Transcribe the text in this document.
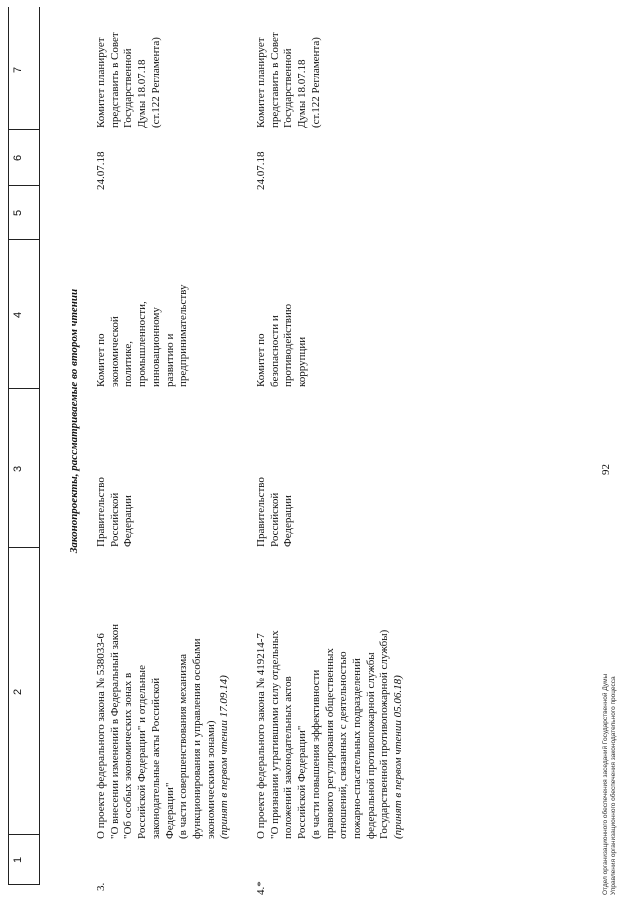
1
2
3
4
5
6
7
Законопроекты, рассматриваемые во втором чтении
3.
О проекте федерального закона № 538033-6 "О внесении изменений в Федеральный закон "Об особых экономических зонах в Российской Федерации" и отдельные законодательные акты Российской Федерации" (в части совершенствования механизма функционирования и управления особыми экономическими зонами) (принят в первом чтении 17.09.14)
Правительство Российской Федерации
Комитет по экономической политике, промышленности, инновационному развитию и предпринимательству
24.07.18
Комитет планирует представить в Совет Государственной Думы 18.07.18 (ст.122 Регламента)
4.*
О проекте федерального закона № 419214-7 "О признании утратившими силу отдельных положений законодательных актов Российской Федерации" (в части повышения эффективности правового регулирования общественных отношений, связанных с деятельностью пожарно-спасательных подразделений федеральной противопожарной службы Государственной противопожарной службы) (принят в первом чтении 05.06.18)
Правительство Российской Федерации
Комитет по безопасности и противодействию коррупции
24.07.18
Комитет планирует представить в Совет Государственной Думы 18.07.18 (ст.122 Регламента)
92
Отдел организационного обеспечения заседаний Государственной Думы Управления организационного обеспечения законодательного процесса
